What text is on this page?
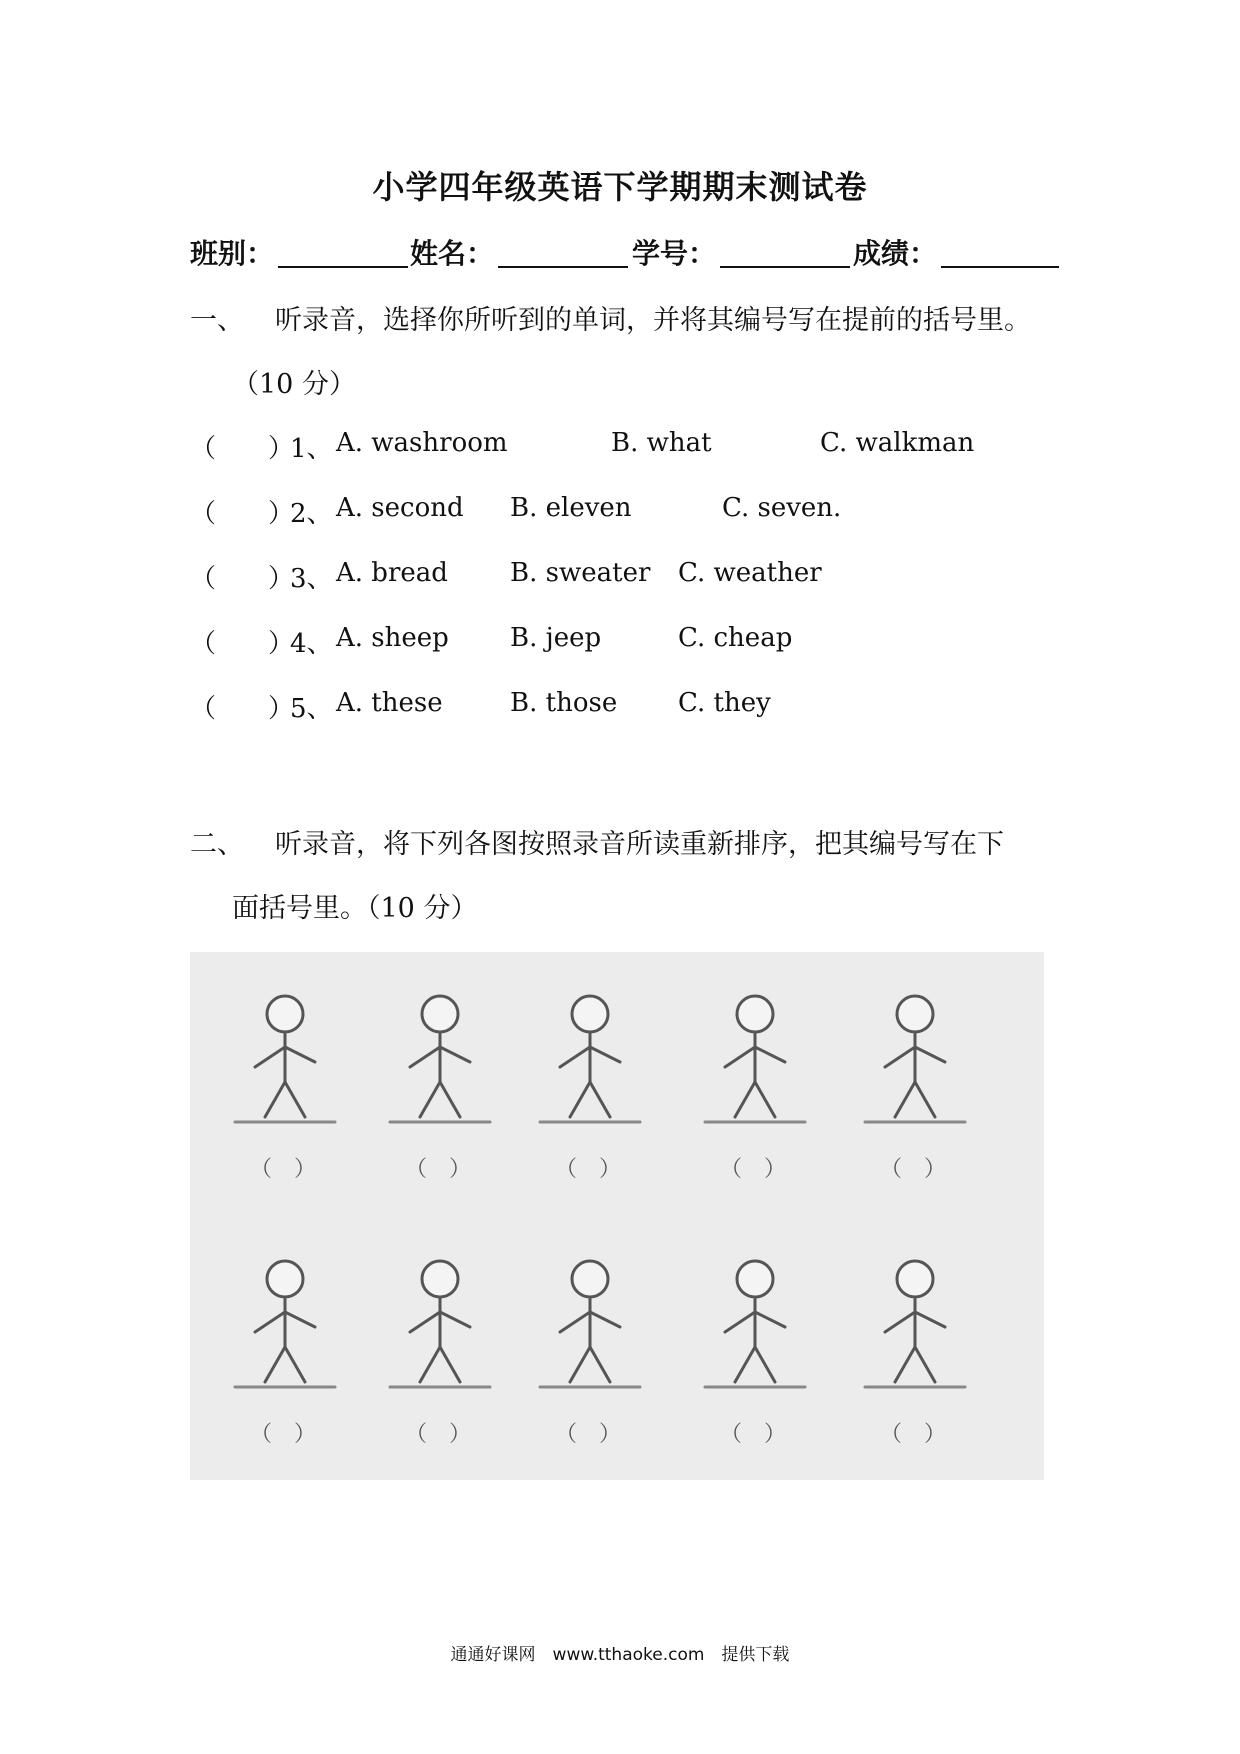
小学四年级英语下学期期末测试卷
班别：	姓名：	学号：	成绩：
一、 听录音，选择你所听到的单词，并将其编号写在提前的括号里。
（10 分）
（　　）
1、 A. washroom	B. what	C. walkman
（　　）
2、 A. second B. eleven	C. seven.
（　　）
3、 A. bread B. sweater C. weather
（　　）
4、 A. sheep B. jeep	C. cheap
（　　）
5、 A. these	B. those C. they
二、 听录音，将下列各图按照录音所读重新排序，把其编号写在下
面括号里。（10 分）
（　）	（　）	（　）	（　）	（　）
（　）	（　）	（　）	（　）	（　）
通通好课网　www.tthaoke.com　提供下载
